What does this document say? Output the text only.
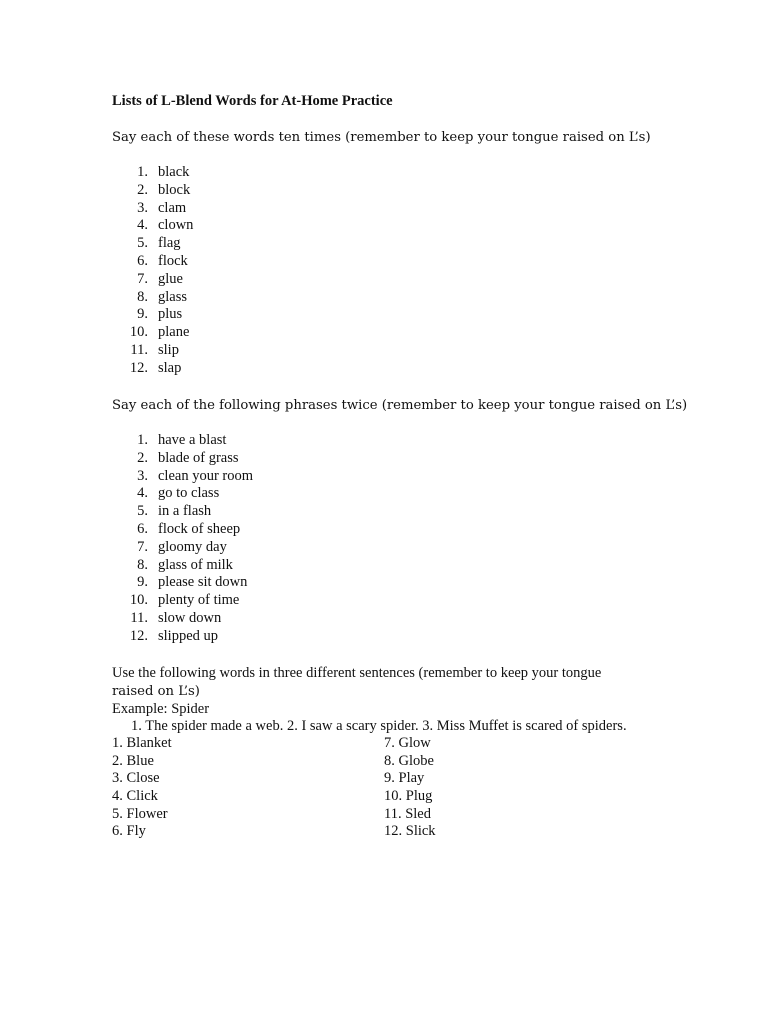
Lists of L-Blend Words for At-Home Practice
Say each of these words ten times (remember to keep your tongue raised on L’s)
1. black
2. block
3. clam
4. clown
5. flag
6. flock
7. glue
8. glass
9. plus
10. plane
11. slip
12. slap
Say each of the following phrases twice (remember to keep your tongue raised on L’s)
1. have a blast
2. blade of grass
3. clean your room
4. go to class
5. in a flash
6. flock of sheep
7. gloomy day
8. glass of milk
9. please sit down
10. plenty of time
11. slow down
12. slipped up
Use the following words in three different sentences (remember to keep your tongue
raised on L’s)
Example: Spider
1. The spider made a web. 2. I saw a scary spider. 3. Miss Muffet is scared of spiders.
1. Blanket
2. Blue
3. Close
4. Click
5. Flower
6. Fly
7. Glow
8. Globe
9. Play
10. Plug
11. Sled
12. Slick
